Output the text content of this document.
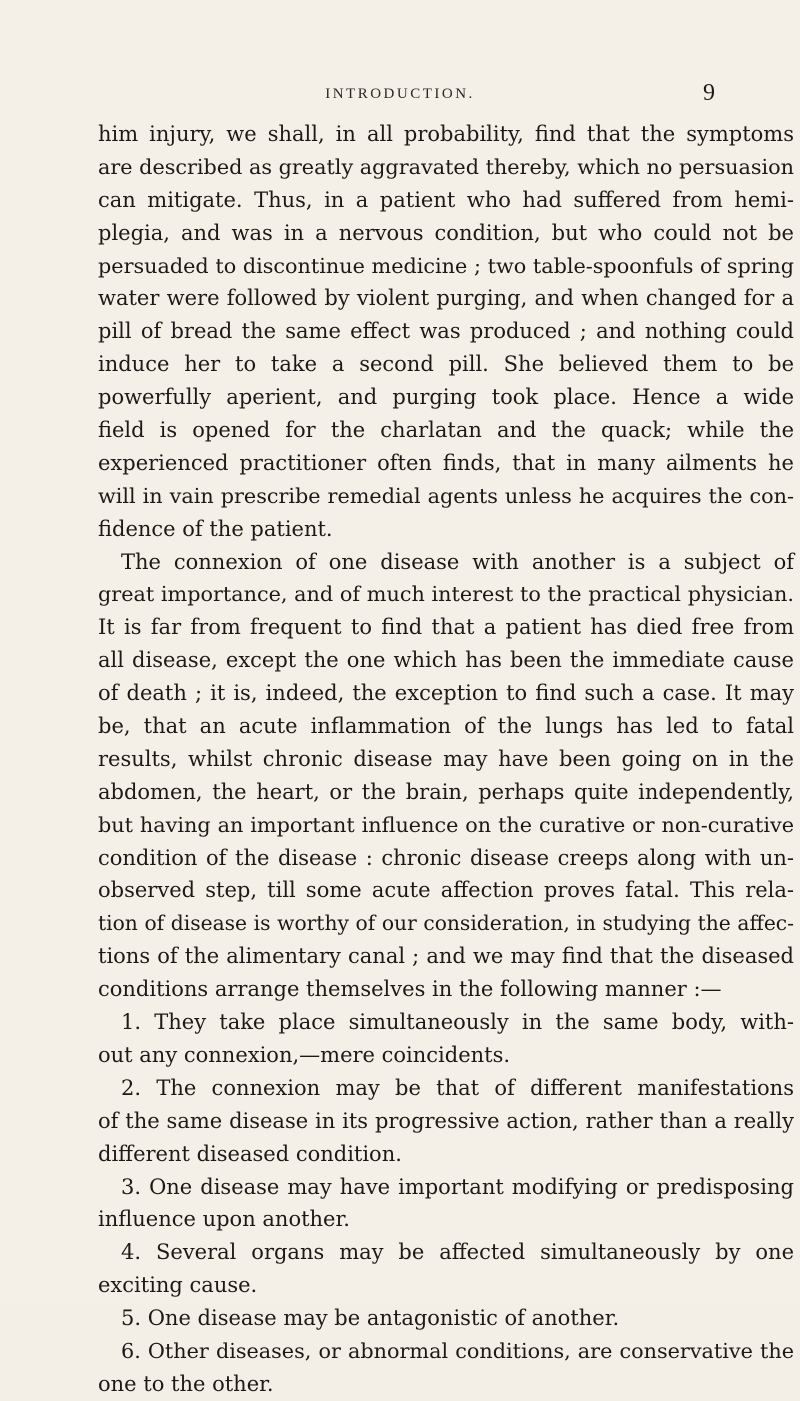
INTRODUCTION.	9
him injury, we shall, in all probability, find that the symptoms
are described as greatly aggravated thereby, which no persuasion
can mitigate. Thus, in a patient who had suffered from hemi-
plegia, and was in a nervous condition, but who could not be
persuaded to discontinue medicine ; two table-spoonfuls of spring
water were followed by violent purging, and when changed for a
pill of bread the same effect was produced ; and nothing could
induce her to take a second pill. She believed them to be
powerfully aperient, and purging took place. Hence a wide
field is opened for the charlatan and the quack; while the
experienced practitioner often finds, that in many ailments he
will in vain prescribe remedial agents unless he acquires the con-
fidence of the patient.
The connexion of one disease with another is a subject of
great importance, and of much interest to the practical physician.
It is far from frequent to find that a patient has died free from
all disease, except the one which has been the immediate cause
of death ; it is, indeed, the exception to find such a case. It may
be, that an acute inflammation of the lungs has led to fatal
results, whilst chronic disease may have been going on in the
abdomen, the heart, or the brain, perhaps quite independently,
but having an important influence on the curative or non-curative
condition of the disease : chronic disease creeps along with un-
observed step, till some acute affection proves fatal. This rela-
tion of disease is worthy of our consideration, in studying the affec-
tions of the alimentary canal ; and we may find that the diseased
conditions arrange themselves in the following manner :—
1. They take place simultaneously in the same body, with-
out any connexion,—mere coincidents.
2. The connexion may be that of different manifestations
of the same disease in its progressive action, rather than a really
different diseased condition.
3. One disease may have important modifying or predisposing
influence upon another.
4. Several organs may be affected simultaneously by one
exciting cause.
5. One disease may be antagonistic of another.
6. Other diseases, or abnormal conditions, are conservative the
one to the other.
